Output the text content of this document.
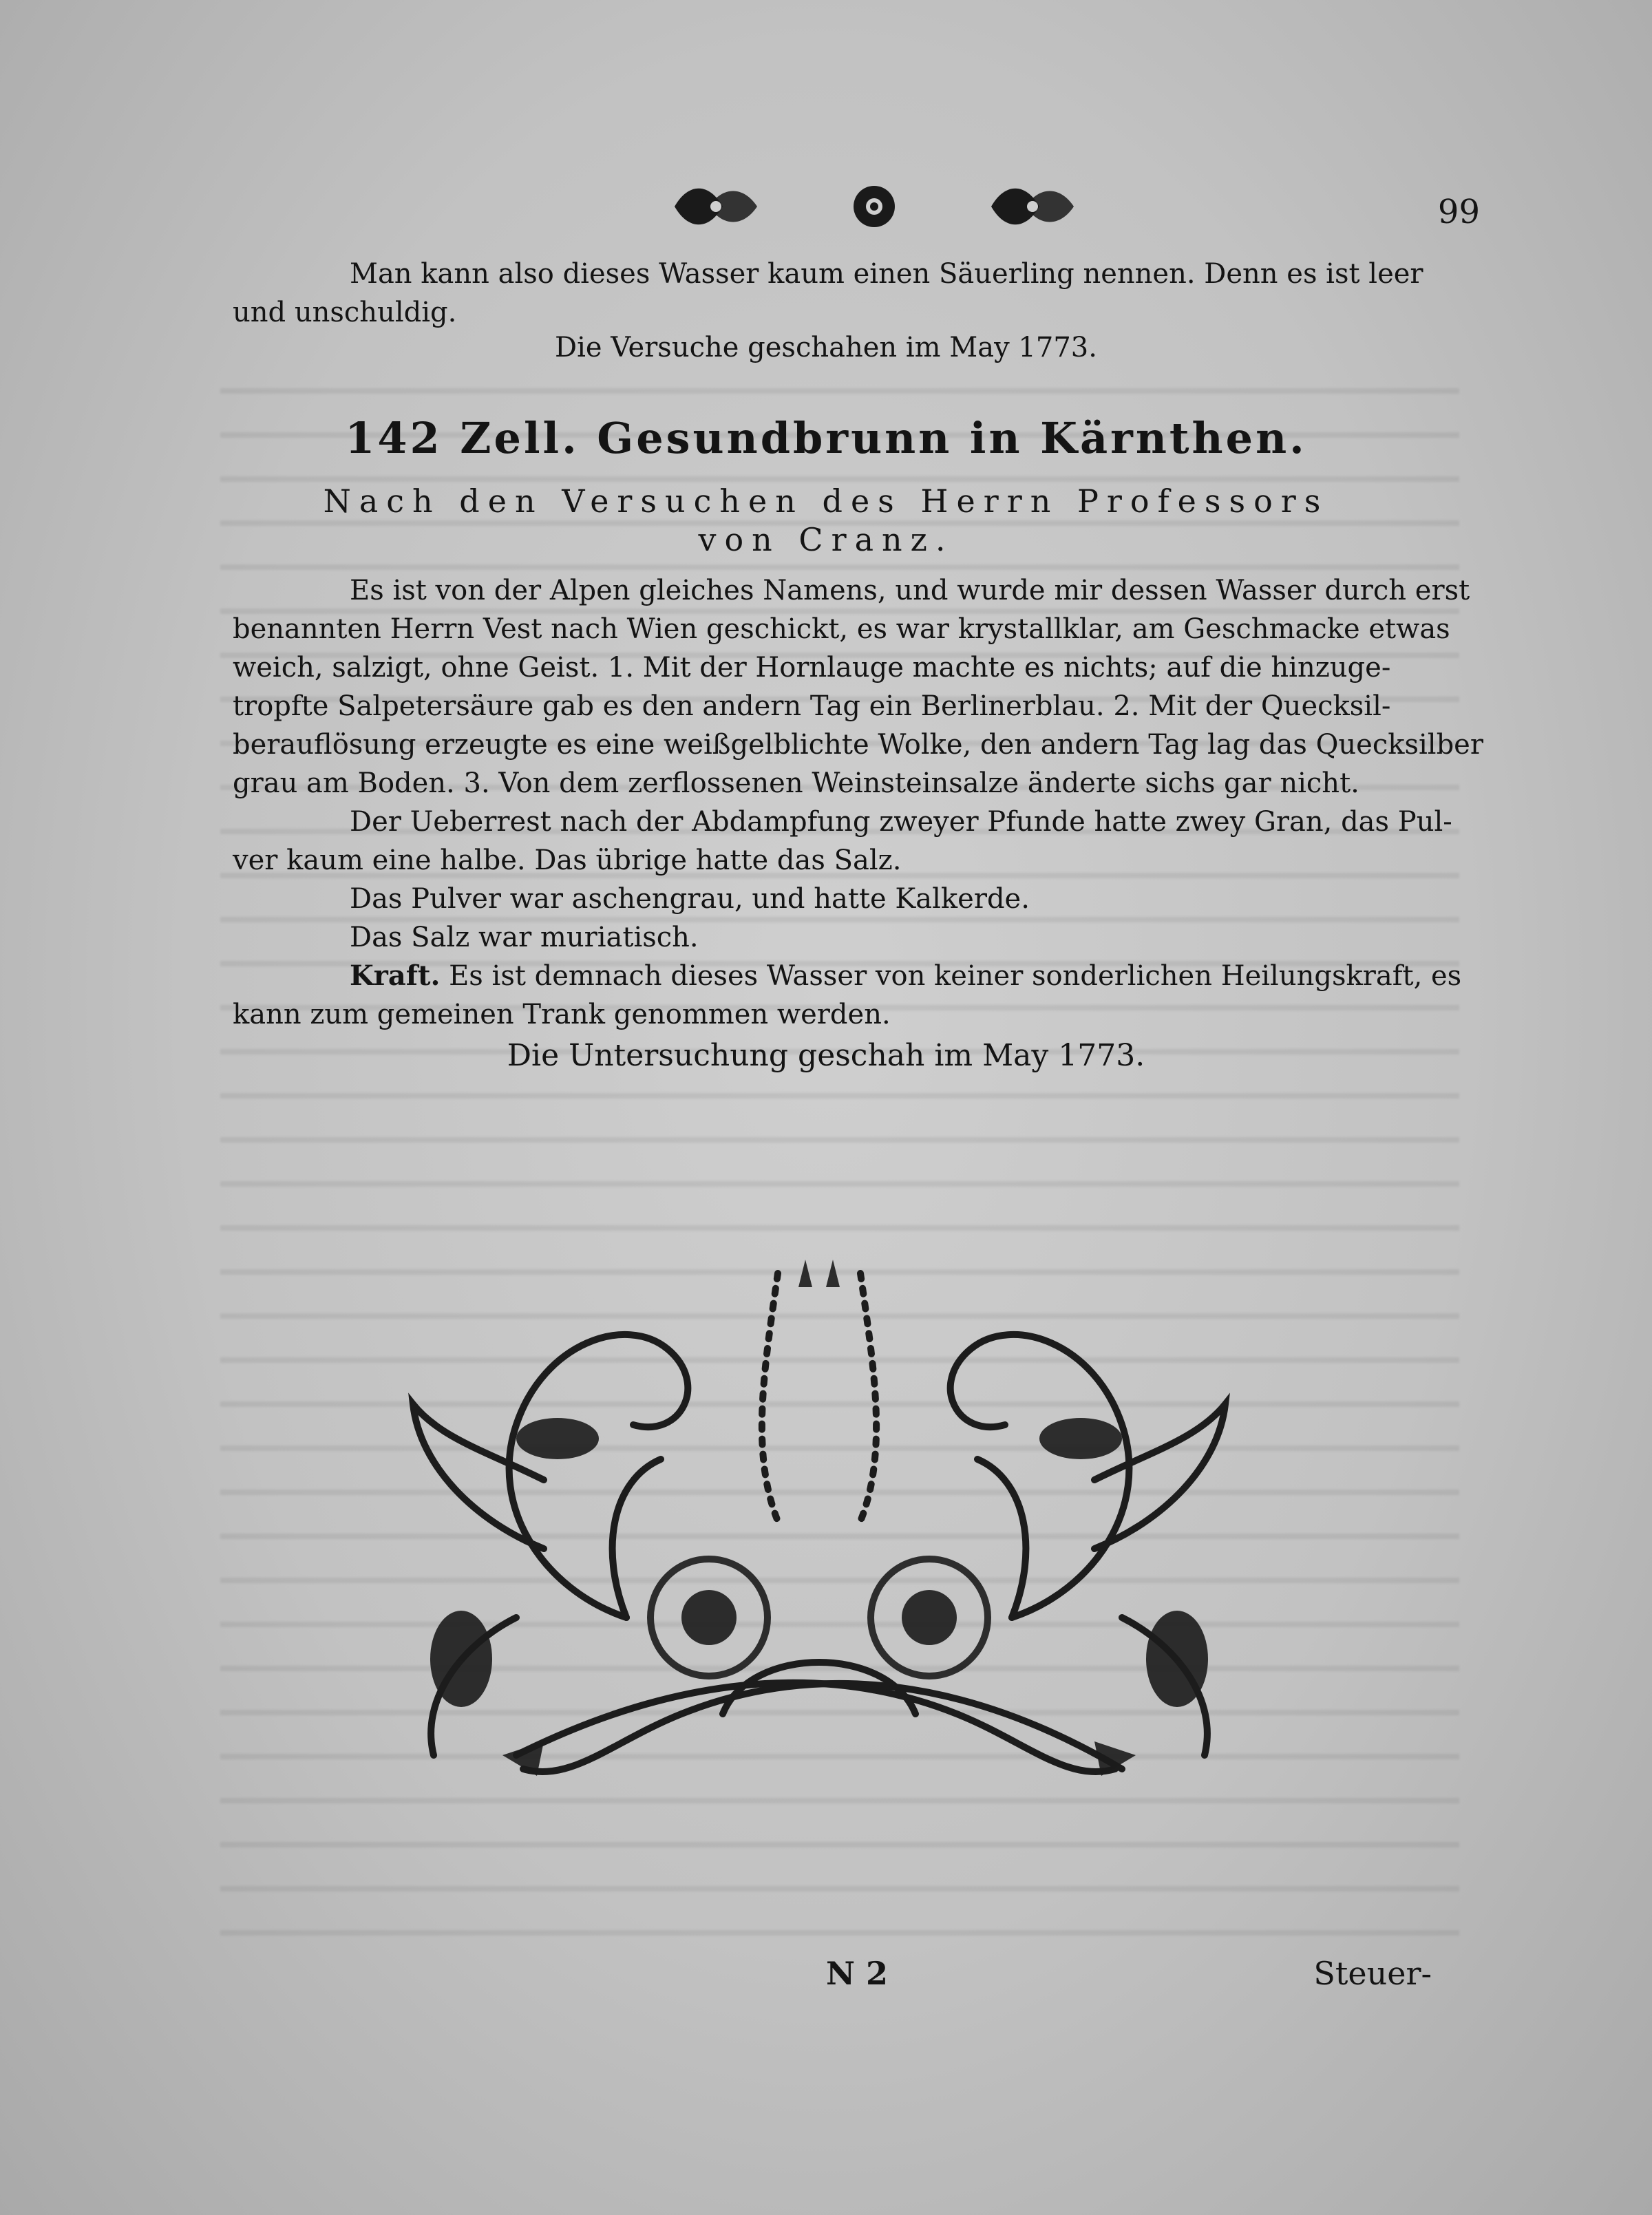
99
Man kann also dieses Wasser kaum einen Säuerling nennen. Denn es ist leer
und unschuldig.
Die Versuche geschahen im May 1773.
142 Zell. Gesundbrunn in Kärnthen.
Nach den Versuchen des Herrn Professors
von Cranz.
Es ist von der Alpen gleiches Namens, und wurde mir dessen Wasser durch erst
benannten Herrn Vest nach Wien geschickt, es war krystallklar, am Geschmacke etwas
weich, salzigt, ohne Geist. 1. Mit der Hornlauge machte es nichts; auf die hinzuge-
tropfte Salpetersäure gab es den andern Tag ein Berlinerblau. 2. Mit der Quecksil-
berauflösung erzeugte es eine weißgelblichte Wolke, den andern Tag lag das Quecksilber
grau am Boden. 3. Von dem zerflossenen Weinsteinsalze änderte sichs gar nicht.
Der Ueberrest nach der Abdampfung zweyer Pfunde hatte zwey Gran, das Pul-
ver kaum eine halbe. Das übrige hatte das Salz.
Das Pulver war aschengrau, und hatte Kalkerde.
Das Salz war muriatisch.
Kraft. Es ist demnach dieses Wasser von keiner sonderlichen Heilungskraft, es
kann zum gemeinen Trank genommen werden.
Die Untersuchung geschah im May 1773.
N 2	Steuer-
